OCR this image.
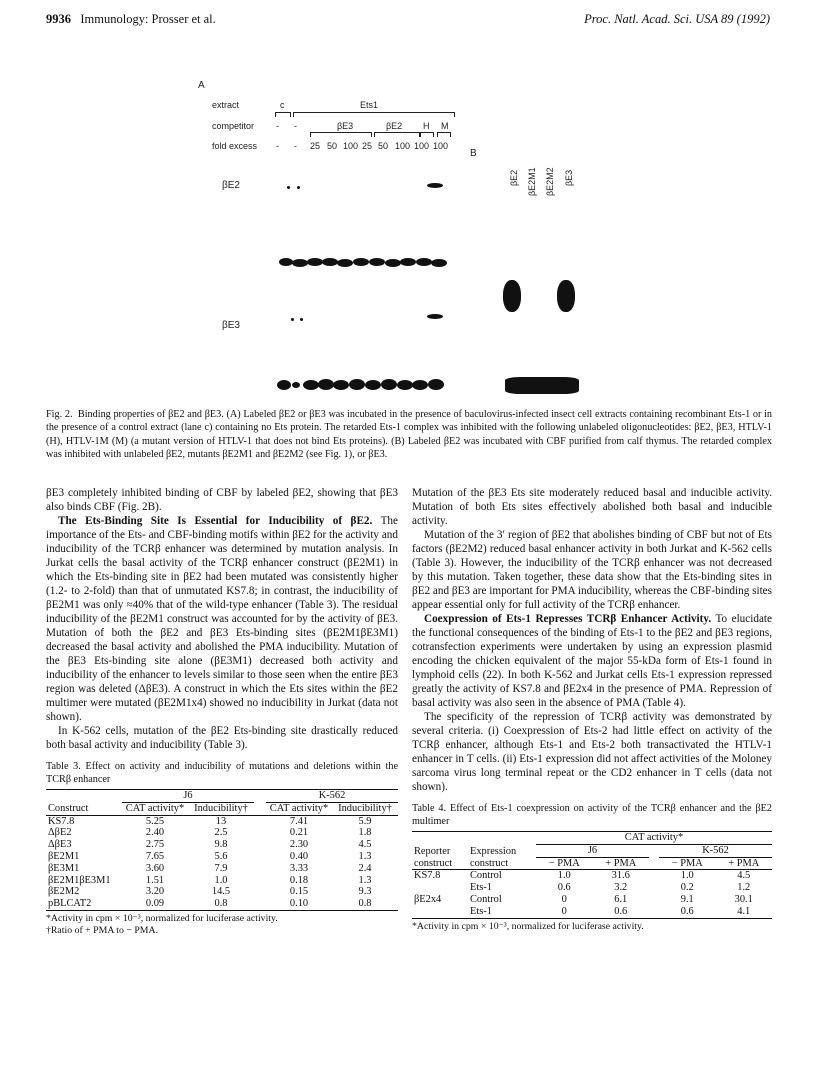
9936 Immunology: Prosser et al.	Proc. Natl. Acad. Sci. USA 89 (1992)
A
B
extract
competitor
fold excess
c	Ets1
- -	βE3	βE2 H M
- - 25 50 100 25 50 100 100 100
βE2
βE3
βE2 βE2M1 βE2M2 βE3
Fig. 2. Binding properties of βE2 and βE3. (A) Labeled βE2 or βE3 was incubated in the presence of baculovirus-infected insect cell extracts containing recombinant Ets-1 or in the presence of a control extract (lane c) containing no Ets protein. The retarded Ets-1 complex was inhibited with the following unlabeled oligonucleotides: βE2, βE3, HTLV-1 (H), HTLV-1M (M) (a mutant version of HTLV-1 that does not bind Ets proteins). (B) Labeled βE2 was incubated with CBF purified from calf thymus. The retarded complex was inhibited with unlabeled βE2, mutants βE2M1 and βE2M2 (see Fig. 1), or βE3.

βE3 completely inhibited binding of CBF by labeled βE2, showing that βE3 also binds CBF (Fig. 2B).

The Ets-Binding Site Is Essential for Inducibility of βE2. The importance of the Ets- and CBF-binding motifs within βE2 for the activity and inducibility of the TCRβ enhancer was determined by mutation analysis. In Jurkat cells the basal activity of the TCRβ enhancer construct (βE2M1) in which the Ets-binding site in βE2 had been mutated was consistently higher (1.2- to 2-fold) than that of unmutated KS7.8; in contrast, the inducibility of βE2M1 was only ≈40% that of the wild-type enhancer (Table 3). The residual inducibility of the βE2M1 construct was accounted for by the activity of βE3. Mutation of both the βE2 and βE3 Ets-binding sites (βE2M1βE3M1) decreased the basal activity and abolished the PMA inducibility. Mutation of the βE3 Ets-binding site alone (βE3M1) decreased both activity and inducibility of the enhancer to levels similar to those seen when the entire βE3 region was deleted (ΔβE3). A construct in which the Ets sites within the βE2 multimer were mutated (βE2M1x4) showed no inducibility in Jurkat (data not shown).

In K-562 cells, mutation of the βE2 Ets-binding site drastically reduced both basal activity and inducibility (Table 3).

Table 3. Effect on activity and inducibility of mutations and deletions within the TCRβ enhancer

	J6			K-562	
Construct	CAT activity*	Inducibility†		CAT activity*	Inducibility†
KS7.8	5.25	13		7.41	5.9
ΔβE2	2.40	2.5		0.21	1.8
ΔβE3	2.75	9.8		2.30	4.5
βE2M1	7.65	5.6		0.40	1.3
βE3M1	3.60	7.9		3.33	2.4
βE2M1βE3M1	1.51	1.0		0.18	1.3
βE2M2	3.20	14.5		0.15	9.3
pBLCAT2	0.09	0.8		0.10	0.8
*Activity in cpm × 10⁻³, normalized for luciferase activity.
†Ratio of + PMA to − PMA.

Mutation of the βE3 Ets site moderately reduced basal and inducible activity. Mutation of both Ets sites effectively abolished both basal and inducible activity.

Mutation of the 3′ region of βE2 that abolishes binding of CBF but not of Ets factors (βE2M2) reduced basal enhancer activity in both Jurkat and K-562 cells (Table 3). However, the inducibility of the TCRβ enhancer was not decreased by this mutation. Taken together, these data show that the Ets-binding sites in βE2 and βE3 are important for PMA inducibility, whereas the CBF-binding sites appear essential only for full activity of the TCRβ enhancer.

Coexpression of Ets-1 Represses TCRβ Enhancer Activity. To elucidate the functional consequences of the binding of Ets-1 to the βE2 and βE3 regions, cotransfection experiments were undertaken by using an expression plasmid encoding the chicken equivalent of the major 55-kDa form of Ets-1 found in lymphoid cells (22). In both K-562 and Jurkat cells Ets-1 expression repressed greatly the activity of KS7.8 and βE2x4 in the presence of PMA. Repression of basal activity was also seen in the absence of PMA (Table 4).

The specificity of the repression of TCRβ activity was demonstrated by several criteria. (i) Coexpression of Ets-2 had little effect on activity of the TCRβ enhancer, although Ets-1 and Ets-2 both transactivated the HTLV-1 enhancer in T cells. (ii) Ets-1 expression did not affect activities of the Moloney sarcoma virus long terminal repeat or the CD2 enhancer in T cells (data not shown).

Table 4. Effect of Ets-1 coexpression on activity of the TCRβ enhancer and the βE2 multimer

		CAT activity*				
Reporter construct	Expression construct	J6			K-562	
		− PMA	+ PMA		− PMA	+ PMA
KS7.8	Control	1.0	31.6		1.0	4.5
	Ets-1	0.6	3.2		0.2	1.2
βE2x4	Control	0	6.1		9.1	30.1
	Ets-1	0	0.6		0.6	4.1
*Activity in cpm × 10⁻³, normalized for luciferase activity.
